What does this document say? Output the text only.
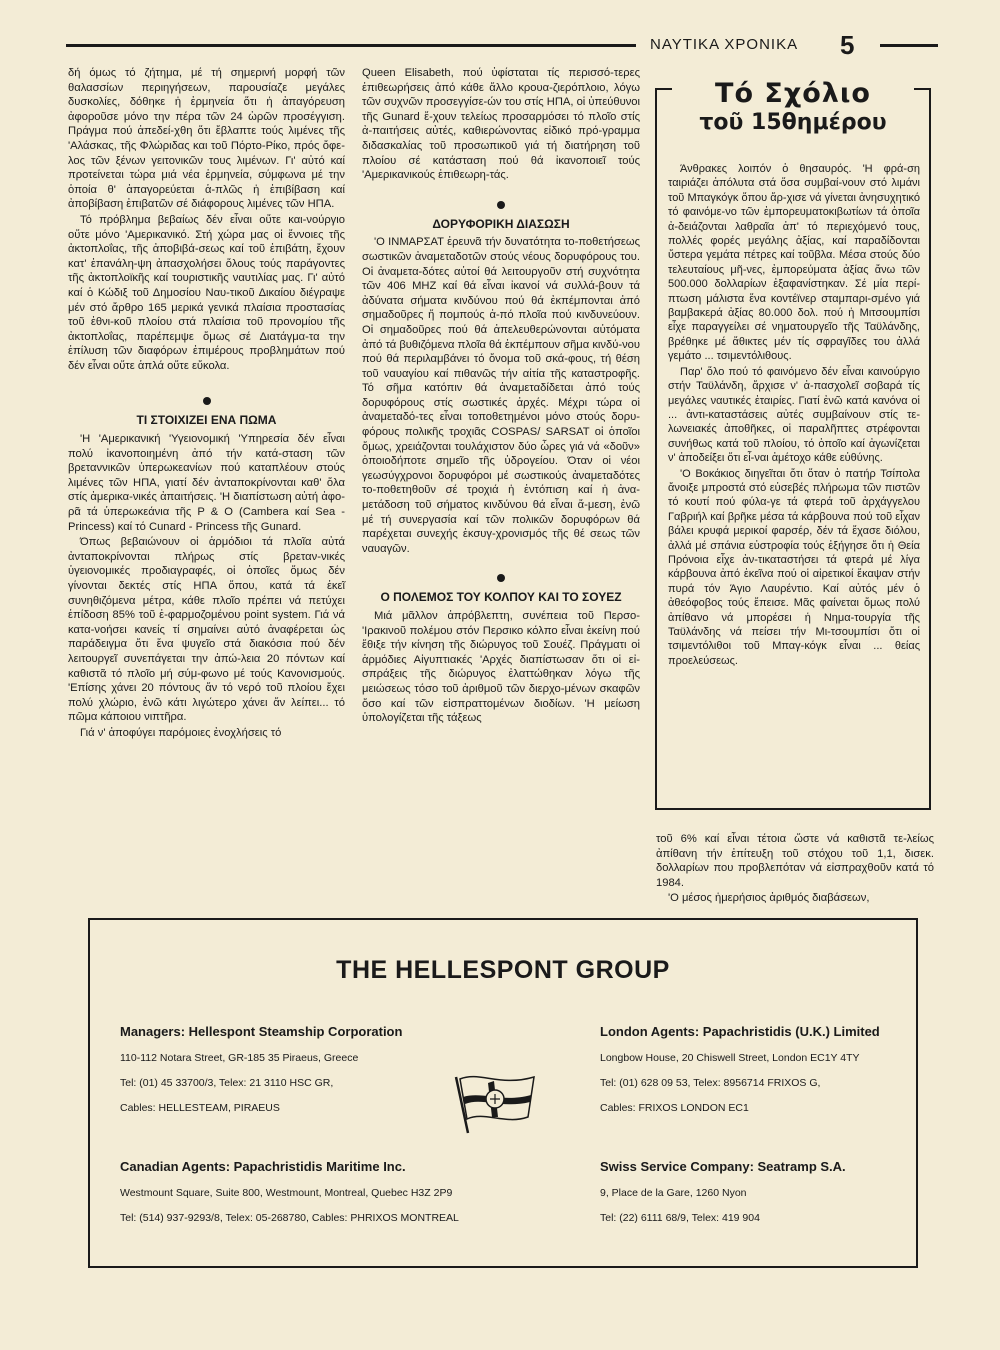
ΝΑΥΤΙΚΑ ΧΡΟΝΙΚΑ 5

δή όμως τό ζήτημα, μέ τή σημερινή μορφή τῶν θαλασσίων περιηγήσεων, παρουσίαζε μεγάλες δυσκολίες, δόθηκε ἡ ἑρμηνεία ὅτι ἡ ἀπαγόρευση ἀφοροῦσε μόνο την πέρα τῶν 24 ὡρῶν προσέγγιση. Πράγμα πού ἀπεδεί-χθη ὅτι ἔβλαπτε τούς λιμένες τῆς 'Αλάσκας, τῆς Φλώριδας και τοῦ Πόρτο-Ρίκο, πρός ὄφε-λος τῶν ξένων γειτονικῶν τους λιμένων. Γι' αὐτό καί προτείνεται τώρα μιά νέα ἑρμηνεία, σύμφωνα μέ την ὁποία θ' ἀπαγορεύεται ἁ-πλῶς ἡ ἐπιβίβαση καί ἀποβίβαση ἐπιβατῶν σέ διάφορους λιμένες τῶν ΗΠΑ.

Τό πρόβλημα βεβαίως δέν εἶναι οὔτε και-νούργιο οὔτε μόνο 'Αμερικανικό. Στή χώρα μας οἱ ἔννοιες τῆς ἀκτοπλοΐας, τῆς ἀποβιβά-σεως καί τοῦ ἐπιβάτη, ἔχουν κατ' ἐπανάλη-ψη ἀπασχολήσει ὅλους τούς παράγοντες τῆς ἀκτοπλοϊκῆς καί τουριστικῆς ναυτιλίας μας. Γι' αὐτό καί ὁ Κώδιξ τοῦ Δημοσίου Ναυ-τικοῦ Δικαίου διέγραψε μέν στό ἄρθρο 165 μερικά γενικά πλαίσια προστασίας τοῦ ἐθνι-κοῦ πλοίου στά πλαίσια τοῦ προνομίου τῆς ἀκτοπλοΐας, παρέπεμψε ὅμως σέ Διατάγμα-τα την ἐπίλυση τῶν διαφόρων ἐπιμέρους προβλημάτων πού δέν εἶναι οὔτε ἁπλά οὔτε εὔκολα.

ΤΙ ΣΤΟΙΧΙΖΕΙ ΕΝΑ ΠΩΜΑ

'Η 'Αμερικανική 'Υγειονομική 'Υπηρεσία δέν εἶναι πολύ ἰκανοποιημένη ἀπό τήν κατά-σταση τῶν βρεταννικῶν ὑπερωκεανίων πού καταπλέουν στούς λιμένες τῶν ΗΠΑ, γιατί δέν ἀνταποκρίνονται καθ' ὅλα στίς ἀμερικα-νικές ἀπαιτήσεις. 'Η διαπίστωση αὐτή ἀφο-ρᾶ τά ὑπερωκεάνια τῆς P & O (Cambera καί Sea - Princess) καί τό Cunard - Princess τῆς Gunard.

Όπως βεβαιώνουν οἱ ἁρμόδιοι τά πλοῖα αὐτά ἀνταποκρίνονται πλήρως στίς βρεταν-νικές ὑγειονομικές προδιαγραφές, οἱ ὁποῖες ὅμως δέν γίνονται δεκτές στίς ΗΠΑ ὅπου, κατά τά ἐκεῖ συνηθιζόμενα μέτρα, κάθε πλοῖο πρέπει νά πετύχει ἐπίδοση 85% τοῦ ἐ-φαρμοζομένου point system. Γιά νά κατα-νοήσει κανείς τί σημαίνει αὐτό ἀναφέρεται ὡς παράδειγμα ὅτι ἕνα ψυγεῖο στά διακόσια πού δέν λειτουργεῖ συνεπάγεται την ἀπώ-λεια 20 πόντων καί καθιστᾶ τό πλοῖο μή σύμ-φωνο μέ τούς Κανονισμούς. 'Επίσης χάνει 20 πόντους ἄν τό νερό τοῦ πλοίου ἔχει πολύ χλώριο, ἐνῶ κάτι λιγώτερο χάνει ἄν λείπει... τό πῶμα κάποιου νιπτῆρα.

Γιά ν' ἀποφύγει παρόμοιες ἐνοχλήσεις τό

Queen Elisabeth, πού ὑφίσταται τίς περισσό-τερες ἐπιθεωρήσεις ἀπό κάθε ἄλλο κρουα-ζιερόπλοιο, λόγω τῶν συχνῶν προσεγγίσε-ών του στίς ΗΠΑ, οἱ ὑπεύθυνοι τῆς Gunard ἔ-χουν τελείως προσαρμόσει τό πλοῖο στίς ἀ-παιτήσεις αὐτές, καθιερώνοντας εἰδικό πρό-γραμμα διδασκαλίας τοῦ προσωπικοῦ γιά τή διατήρηση τοῦ πλοίου σέ κατάσταση πού θά ἰκανοποιεῖ τούς 'Αμερικανικούς ἐπιθεωρη-τάς.

ΔΟΡΥΦΟΡΙΚΗ ΔΙΑΣΩΣΗ

'Ο ΙΝΜΑΡΣΑΤ ἐρευνᾶ τήν δυνατότητα το-ποθετήσεως σωστικῶν ἀναμεταδοτῶν στούς νέους δορυφόρους του. Οἱ ἀναμετα-δότες αὐτοί θά λειτουργοῦν στή συχνότητα τῶν 406 MHZ καί θά εἶναι ἰκανοί νά συλλά-βουν τά ἀδύνατα σήματα κινδύνου πού θά ἐκπέμπονται ἀπό σημαδοῦρες ἤ πομπούς ἀ-πό πλοῖα πού κινδυνεύουν. Οἱ σημαδοῦρες πού θά ἀπελευθερώνονται αὐτόματα ἀπό τά βυθιζόμενα πλοῖα θά ἐκπέμπουν σῆμα κινδύ-νου πού θά περιλαμβάνει τό ὄνομα τοῦ σκά-φους, τή θέση τοῦ ναυαγίου καί πιθανῶς τήν αἰτία τῆς καταστροφῆς. Τό σῆμα κατόπιν θά ἀναμεταδίδεται ἀπό τούς δορυφόρους στίς σωστικές ἀρχές. Μέχρι τώρα οἱ ἀναμεταδό-τες εἶναι τοποθετημένοι μόνο στούς δορυ-φόρους πολικῆς τροχιᾶς COSPAS/ SARSAT οἱ ὁποῖοι ὅμως, χρειάζονται τουλάχιστον δύο ὧρες γιά νά «δοῦν» ὁποιοδήποτε σημεῖο τῆς ὑδρογείου. Όταν οἱ νέοι γεωσύγχρονοι δορυφόροι μέ σωστικούς ἀναμεταδότες το-ποθετηθοῦν σέ τροχιά ἡ ἐντόπιση καί ἡ ἀνα-μετάδοση τοῦ σήματος κινδύνου θά εἶναι ἄ-μεση, ἐνῶ μέ τή συνεργασία καί τῶν πολικῶν δορυφόρων θά παρέχεται συνεχής ἐκσυγ-χρονισμός τῆς θέ σεως τῶν ναυαγῶν.

Ο ΠΟΛΕΜΟΣ ΤΟΥ ΚΟΛΠΟΥ ΚΑΙ ΤΟ ΣΟΥΕΖ

Μιά μᾶλλον ἀπρόβλεπτη, συνέπεια τοῦ Περσο-'Ιρακινοῦ πολέμου στόν Περσικο κόλπο εἶναι ἐκείνη πού ἔθιξε τήν κίνηση τῆς διώρυγος τοῦ Σουέζ. Πράγματι οἱ ἁρμόδιες Αἰγυπτιακές 'Αρχές διαπίστωσαν ὅτι οἱ εἰ-σπράξεις τῆς διώρυγος ἐλαττώθηκαν λόγω τῆς μειώσεως τόσο τοῦ ἀριθμοῦ τῶν διερχο-μένων σκαφῶν ὅσο καί τῶν εἰσπραττομένων διοδίων. 'Η μείωση ὑπολογίζεται τῆς τάξεως

Τό Σχόλιο
τοῦ 15θημέρου

Άνθρακες λοιπόν ὁ θησαυρός. 'Η φρά-ση ταιριάζει ἀπόλυτα στά ὅσα συμβαί-νουν στό λιμάνι τοῦ Μπαγκόγκ ὅπου ἄρ-χισε νά γίνεται ἀνησυχητικό τό φαινόμε-νο τῶν ἐμπορευματοκιβωτίων τά ὁποῖα ἀ-δειάζονται λαθραῖα ἀπ' τό περιεχόμενό τους, πολλές φορές μεγάλης ἀξίας, καί παραδίδονται ὕστερα γεμάτα πέτρες καί τοῦβλα. Μέσα στούς δύο τελευταίους μῆ-νες, ἐμπορεύματα ἀξίας ἄνω τῶν 500.000 δολλαρίων ἐξαφανίστηκαν. Σέ μία περί-πτωση μάλιστα ἕνα κοντέϊνερ σταμπαρι-σμένο γιά βαμβακερά ἀξίας 80.000 δολ. πού ἡ Μιτσουμπίσι εἶχε παραγγείλει σέ νηματουργεῖο τῆς Ταϋλάνδης, βρέθηκε μέ ἄθικτες μέν τίς σφραγῖδες του ἀλλά γεμάτο ... τσιμεντόλιθους.

Παρ' ὅλο πού τό φαινόμενο δέν εἶναι καινούργιο στήν Ταϋλάνδη, ἄρχισε ν' ἀ-πασχολεῖ σοβαρά τίς μεγάλες ναυτικές ἑταιρίες. Γιατί ἐνῶ κατά κανόνα οἱ ... ἀντι-καταστάσεις αὐτές συμβαίνουν στίς τε-λωνειακές ἀποθῆκες, οἱ παραλῆπτες στρέφονται συνήθως κατά τοῦ πλοίου, τό ὁποῖο καί ἀγωνίζεται ν' ἀποδείξει ὅτι εἶ-ναι ἀμέτοχο κάθε εὐθύνης.

'Ο Βοκάκιος διηγεῖται ὅτι ὅταν ὁ πατήρ Τσίπολα ἄνοιξε μπροστά στό εὐσεβές πλήρωμα τῶν πιστῶν τό κουτί πού φύλα-γε τά φτερά τοῦ ἀρχάγγελου Γαβριήλ καί βρῆκε μέσα τά κάρβουνα πού τοῦ εἶχαν βάλει κρυφά μερικοί φαρσέρ, δέν τά ἔχασε διόλου, ἀλλά μέ σπάνια εὐστροφία τούς ἐξήγησε ὅτι ἡ Θεία Πρόνοια εἶχε ἀν-τικαταστήσει τά φτερά μέ λίγα κάρβουνα ἀπό ἐκεῖνα πού οἱ αἱρετικοί ἔκαψαν στήν πυρά τόν Άγιο Λαυρέντιο. Καί αὐτός μέν ὁ ἀθεόφοβος τούς ἔπεισε. Μᾶς φαίνεται ὅμως πολύ ἀπίθανο νά μπορέσει ἡ Νημα-τουργία τῆς Ταϋλάνδης νά πείσει τήν Μι-τσουμπίσι ὅτι οἱ τσιμεντόλιθοι τοῦ Μπαγ-κόγκ εἶναι ... θείας προελεύσεως.

τοῦ 6% καί εἶναι τέτοια ὥστε νά καθιστᾶ τε-λείως ἀπίθανη τήν ἐπίτευξη τοῦ στόχου τοῦ 1,1, δισεκ. δολλαρίων που προβλεπόταν νά εἰσπραχθοῦν κατά τό 1984.

'Ο μέσος ἡμερήσιος ἀριθμός διαβάσεων,

THE HELLESPONT GROUP
Managers: Hellespont Steamship Corporation
110-112 Notara Street, GR-185 35 Piraeus, Greece
Tel: (01) 45 33700/3, Telex: 21 3110 HSC GR,
Cables: HELLESTEAM, PIRAEUS
London Agents: Papachristidis (U.K.) Limited
Longbow House, 20 Chiswell Street, London EC1Y 4TY
Tel: (01) 628 09 53, Telex: 8956714 FRIXOS G,
Cables: FRIXOS LONDON EC1
Canadian Agents: Papachristidis Maritime Inc.
Westmount Square, Suite 800, Westmount, Montreal, Quebec H3Z 2P9
Tel: (514) 937-9293/8, Telex: 05-268780, Cables: PHRIXOS MONTREAL
Swiss Service Company: Seatramp S.A.
9, Place de la Gare, 1260 Nyon
Tel: (22) 6111 68/9, Telex: 419 904
